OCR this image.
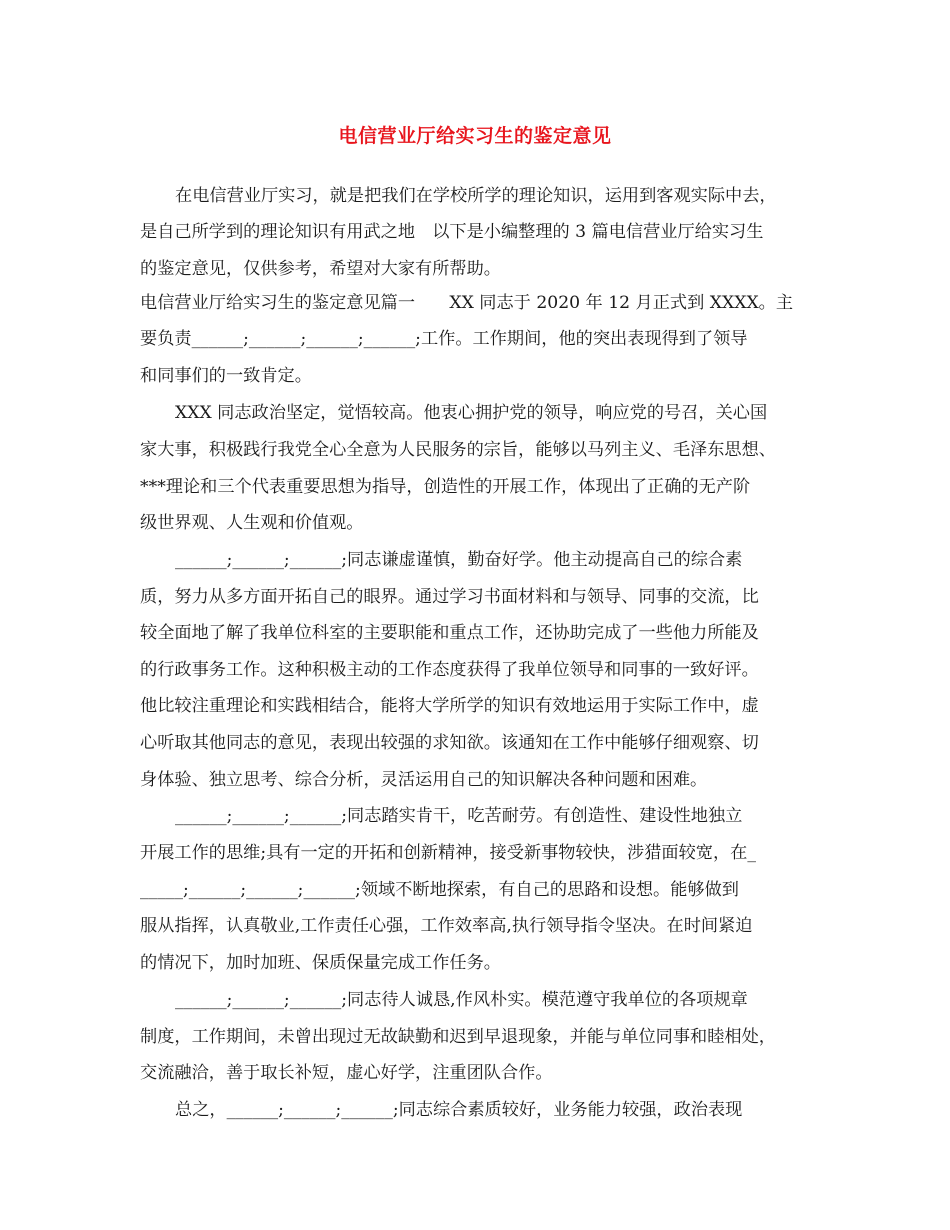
电信营业厅给实习生的鉴定意见
在电信营业厅实习，就是把我们在学校所学的理论知识，运用到客观实际中去，
是自己所学到的理论知识有用武之地　以下是小编整理的 3 篇电信营业厅给实习生
的鉴定意见，仅供参考，希望对大家有所帮助。
电信营业厅给实习生的鉴定意见篇一　　XX 同志于 2020 年 12 月正式到 XXXX。主
要负责______;______;______;______;工作。工作期间，他的突出表现得到了领导
和同事们的一致肯定。
XXX 同志政治坚定，觉悟较高。他衷心拥护党的领导，响应党的号召，关心国
家大事，积极践行我党全心全意为人民服务的宗旨，能够以马列主义、毛泽东思想、
***理论和三个代表重要思想为指导，创造性的开展工作，体现出了正确的无产阶
级世界观、人生观和价值观。
______;______;______;同志谦虚谨慎，勤奋好学。他主动提高自己的综合素
质，努力从多方面开拓自己的眼界。通过学习书面材料和与领导、同事的交流，比
较全面地了解了我单位科室的主要职能和重点工作，还协助完成了一些他力所能及
的行政事务工作。这种积极主动的工作态度获得了我单位领导和同事的一致好评。
他比较注重理论和实践相结合，能将大学所学的知识有效地运用于实际工作中，虚
心听取其他同志的意见，表现出较强的求知欲。该通知在工作中能够仔细观察、切
身体验、独立思考、综合分析，灵活运用自己的知识解决各种问题和困难。
______;______;______;同志踏实肯干，吃苦耐劳。有创造性、建设性地独立
开展工作的思维;具有一定的开拓和创新精神，接受新事物较快，涉猎面较宽，在_
_____;______;______;______;领域不断地探索，有自己的思路和设想。能够做到
服从指挥，认真敬业,工作责任心强，工作效率高,执行领导指令坚决。在时间紧迫
的情况下，加时加班、保质保量完成工作任务。
______;______;______;同志待人诚恳,作风朴实。模范遵守我单位的各项规章
制度，工作期间，未曾出现过无故缺勤和迟到早退现象，并能与单位同事和睦相处，
交流融洽，善于取长补短，虚心好学，注重团队合作。
总之，______;______;______;同志综合素质较好，业务能力较强，政治表现
